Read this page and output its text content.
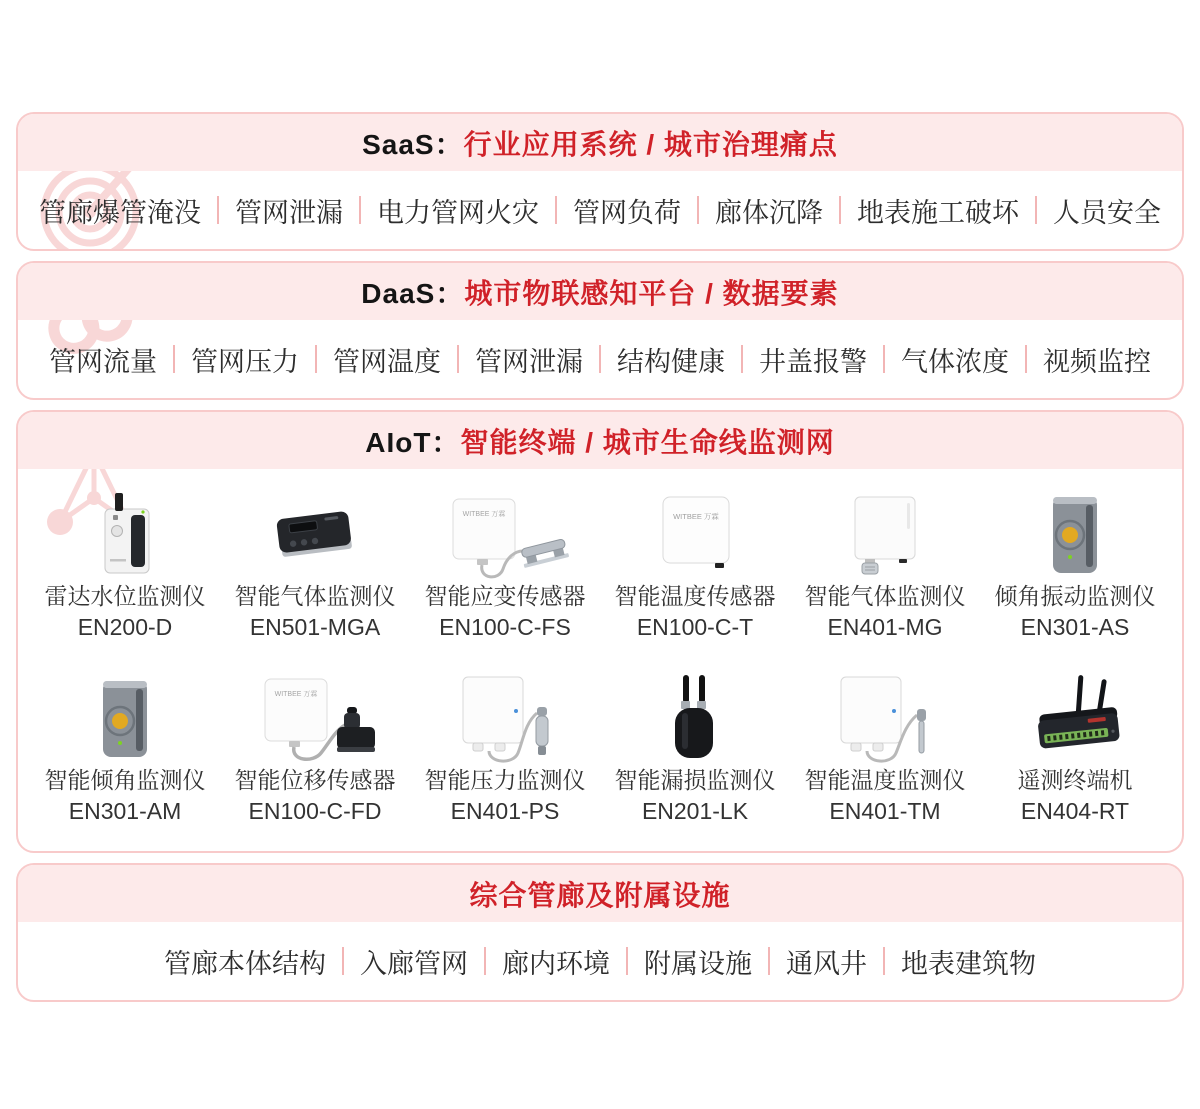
SaaS：行业应用系统 / 城市治理痛点
管廊爆管淹没 管网泄漏 电力管网火灾 管网负荷 廊体沉降 地表施工破坏 人员安全
DaaS：城市物联感知平台 / 数据要素
管网流量 管网压力 管网温度 管网泄漏 结构健康 井盖报警 气体浓度 视频监控
AIoT：智能终端 / 城市生命线监测网
雷达水位监测仪
EN200-D
智能气体监测仪
EN501-MGA
WITBEE 万霖
智能应变传感器
EN100-C-FS
WITBEE 万霖
智能温度传感器
EN100-C-T
智能气体监测仪
EN401-MG
倾角振动监测仪
EN301-AS
智能倾角监测仪
EN301-AM
WITBEE 万霖
智能位移传感器
EN100-C-FD
智能压力监测仪
EN401-PS
智能漏损监测仪
EN201-LK
智能温度监测仪
EN401-TM
遥测终端机
EN404-RT
综合管廊及附属设施
管廊本体结构 入廊管网 廊内环境 附属设施 通风井 地表建筑物
